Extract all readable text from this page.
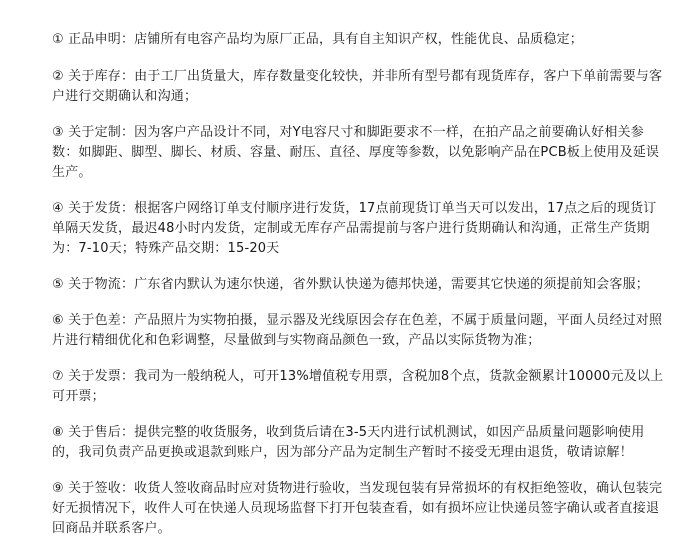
① 正品申明：店铺所有电容产品均为原厂正品，具有自主知识产权，性能优良、品质稳定；

② 关于库存：由于工厂出货量大，库存数量变化较快，并非所有型号都有现货库存，客户下单前需要与客户进行交期确认和沟通；

③ 关于定制：因为客户产品设计不同，对Y电容尺寸和脚距要求不一样，在拍产品之前要确认好相关参数：如脚距、脚型、脚长、材质、容量、耐压、直径、厚度等参数，以免影响产品在PCB板上使用及延误生产。

④ 关于发货：根据客户网络订单支付顺序进行发货，17点前现货订单当天可以发出，17点之后的现货订单隔天发货，最迟48小时内发货，定制或无库存产品需提前与客户进行货期确认和沟通，正常生产货期为：7-10天；特殊产品交期：15-20天

⑤ 关于物流：广东省内默认为速尔快递，省外默认快递为德邦快递，需要其它快递的须提前知会客服；

⑥ 关于色差：产品照片为实物拍摄，显示器及光线原因会存在色差，不属于质量问题，平面人员经过对照片进行精细优化和色彩调整，尽量做到与实物商品颜色一致，产品以实际货物为准；

⑦ 关于发票：我司为一般纳税人，可开13%增值税专用票，含税加8个点，货款金额累计10000元及以上可开票；

⑧ 关于售后：提供完整的收货服务，收到货后请在3-5天内进行试机测试，如因产品质量问题影响使用的，我司负责产品更换或退款到账户，因为部分产品为定制生产暂时不接受无理由退货，敬请谅解！

⑨ 关于签收：收货人签收商品时应对货物进行验收，当发现包装有异常损坏的有权拒绝签收，确认包装完好无损情况下，收件人可在快递人员现场监督下打开包装查看，如有损坏应让快递员签字确认或者直接退回商品并联系客户。
